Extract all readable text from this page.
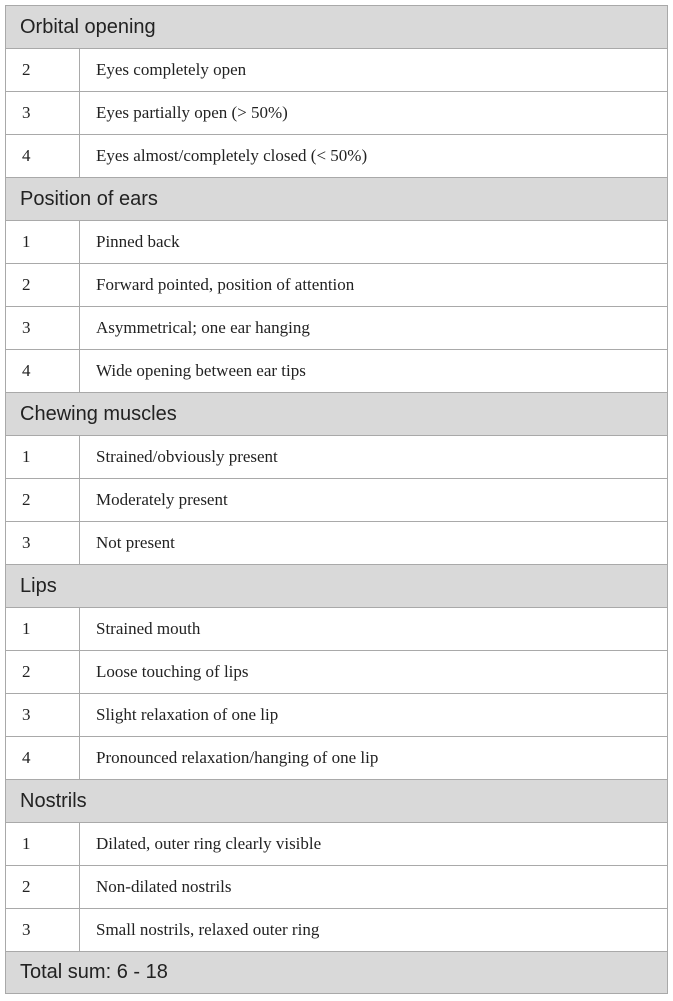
Orbital opening	
2	Eyes completely open
3	Eyes partially open (> 50%)
4	Eyes almost/completely closed (< 50%)
Position of ears	
1	Pinned back
2	Forward pointed, position of attention
3	Asymmetrical; one ear hanging
4	Wide opening between ear tips
Chewing muscles	
1	Strained/obviously present
2	Moderately present
3	Not present
Lips	
1	Strained mouth
2	Loose touching of lips
3	Slight relaxation of one lip
4	Pronounced relaxation/hanging of one lip
Nostrils	
1	Dilated, outer ring clearly visible
2	Non-dilated nostrils
3	Small nostrils, relaxed outer ring
Total sum: 6 - 18	
